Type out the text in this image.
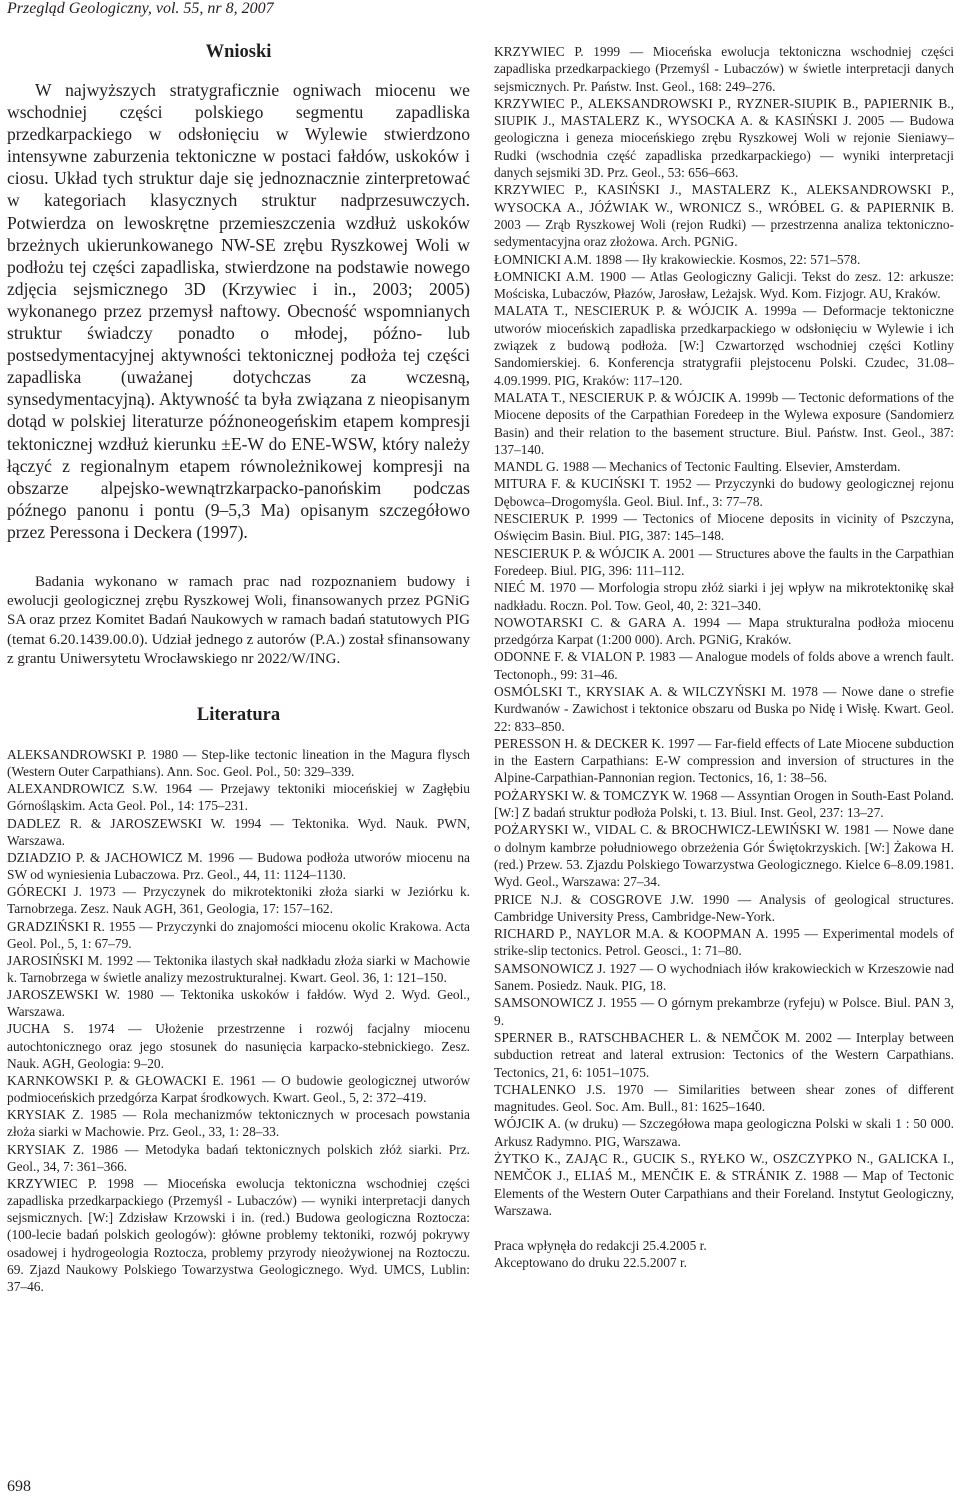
Przegląd Geologiczny, vol. 55, nr 8, 2007
Wnioski

W najwyższych stratygraficznie ogniwach miocenu we wschodniej części polskiego segmentu zapadliska przedkarpackiego w odsłonięciu w Wylewie stwierdzono intensywne zaburzenia tektoniczne w postaci fałdów, uskoków i ciosu. Układ tych struktur daje się jednoznacznie zinterpretować w kategoriach klasycznych struktur nadprzesuwczych. Potwierdza on lewoskrętne przemieszczenia wzdłuż uskoków brzeżnych ukierunkowanego NW-SE zrębu Ryszkowej Woli w podłożu tej części zapadliska, stwierdzone na podstawie nowego zdjęcia sejsmicznego 3D (Krzywiec i in., 2003; 2005) wykonanego przez przemysł naftowy. Obecność wspomnianych struktur świadczy ponadto o młodej, późno- lub postsedymentacyjnej aktywności tektonicznej podłoża tej części zapadliska (uważanej dotychczas za wczesną, synsedymentacyjną). Aktywność ta była związana z nieopisanym dotąd w polskiej literaturze późnoneogeńskim etapem kompresji tektonicznej wzdłuż kierunku ±E-W do ENE-WSW, który należy łączyć z regionalnym etapem równoleżnikowej kompresji na obszarze alpejsko-wewnątrzkarpacko-panońskim podczas późnego panonu i pontu (9–5,3 Ma) opisanym szczegółowo przez Peressona i Deckera (1997).

Badania wykonano w ramach prac nad rozpoznaniem budowy i ewolucji geologicznej zrębu Ryszkowej Woli, finansowanych przez PGNiG SA oraz przez Komitet Badań Naukowych w ramach badań statutowych PIG (temat 6.20.1439.00.0). Udział jednego z autorów (P.A.) został sfinansowany z grantu Uniwersytetu Wrocławskiego nr 2022/W/ING.

Literatura

ALEKSANDROWSKI P. 1980 — Step-like tectonic lineation in the Magura flysch (Western Outer Carpathians). Ann. Soc. Geol. Pol., 50: 329–339.

ALEXANDROWICZ S.W. 1964 — Przejawy tektoniki mioceńskiej w Zagłębiu Górnośląskim. Acta Geol. Pol., 14: 175–231.

DADLEZ R. & JAROSZEWSKI W. 1994 — Tektonika. Wyd. Nauk. PWN, Warszawa.

DZIADZIO P. & JACHOWICZ M. 1996 — Budowa podłoża utworów miocenu na SW od wyniesienia Lubaczowa. Prz. Geol., 44, 11: 1124–1130.

GÓRECKI J. 1973 — Przyczynek do mikrotektoniki złoża siarki w Jeziórku k. Tarnobrzega. Zesz. Nauk AGH, 361, Geologia, 17: 157–162.

GRADZIŃSKI R. 1955 — Przyczynki do znajomości miocenu okolic Krakowa. Acta Geol. Pol., 5, 1: 67–79.

JAROSIŃSKI M. 1992 — Tektonika ilastych skał nadkładu złoża siarki w Machowie k. Tarnobrzega w świetle analizy mezostrukturalnej. Kwart. Geol. 36, 1: 121–150.

JAROSZEWSKI W. 1980 — Tektonika uskoków i fałdów. Wyd 2. Wyd. Geol., Warszawa.

JUCHA S. 1974 — Ułożenie przestrzenne i rozwój facjalny miocenu autochtonicznego oraz jego stosunek do nasunięcia karpacko-stebnickiego. Zesz. Nauk. AGH, Geologia: 9–20.

KARNKOWSKI P. & GŁOWACKI E. 1961 — O budowie geologicznej utworów podmioceńskich przedgórza Karpat środkowych. Kwart. Geol., 5, 2: 372–419.

KRYSIAK Z. 1985 — Rola mechanizmów tektonicznych w procesach powstania złoża siarki w Machowie. Prz. Geol., 33, 1: 28–33.

KRYSIAK Z. 1986 — Metodyka badań tektonicznych polskich złóż siarki. Prz. Geol., 34, 7: 361–366.

KRZYWIEC P. 1998 — Mioceńska ewolucja tektoniczna wschodniej części zapadliska przedkarpackiego (Przemyśl - Lubaczów) — wyniki interpretacji danych sejsmicznych. [W:] Zdzisław Krzowski i in. (red.) Budowa geologiczna Roztocza: (100-lecie badań polskich geologów): główne problemy tektoniki, rozwój pokrywy osadowej i hydrogeologia Roztocza, problemy przyrody nieożywionej na Roztoczu. 69. Zjazd Naukowy Polskiego Towarzystwa Geologicznego. Wyd. UMCS, Lublin: 37–46.

KRZYWIEC P. 1999 — Mioceńska ewolucja tektoniczna wschodniej części zapadliska przedkarpackiego (Przemyśl - Lubaczów) w świetle interpretacji danych sejsmicznych. Pr. Państw. Inst. Geol., 168: 249–276.

KRZYWIEC P., ALEKSANDROWSKI P., RYZNER-SIUPIK B., PAPIERNIK B., SIUPIK J., MASTALERZ K., WYSOCKA A. & KASIŃSKI J. 2005 — Budowa geologiczna i geneza mioceńskiego zrębu Ryszkowej Woli w rejonie Sieniawy–Rudki (wschodnia część zapadliska przedkarpackiego) — wyniki interpretacji danych sejsmiki 3D. Prz. Geol., 53: 656–663.

KRZYWIEC P., KASIŃSKI J., MASTALERZ K., ALEKSANDROWSKI P., WYSOCKA A., JÓŹWIAK W., WRONICZ S., WRÓBEL G. & PAPIERNIK B. 2003 — Zrąb Ryszkowej Woli (rejon Rudki) — przestrzenna analiza tektoniczno-sedymentacyjna oraz złożowa. Arch. PGNiG.

ŁOMNICKI A.M. 1898 — Iły krakowieckie. Kosmos, 22: 571–578.

ŁOMNICKI A.M. 1900 — Atlas Geologiczny Galicji. Tekst do zesz. 12: arkusze: Mościska, Lubaczów, Płazów, Jarosław, Leżajsk. Wyd. Kom. Fizjogr. AU, Kraków.

MALATA T., NESCIERUK P. & WÓJCIK A. 1999a — Deformacje tektoniczne utworów mioceńskich zapadliska przedkarpackiego w odsłonięciu w Wylewie i ich związek z budową podłoża. [W:] Czwartorzęd wschodniej części Kotliny Sandomierskiej. 6. Konferencja stratygrafii plejstocenu Polski. Czudec, 31.08–4.09.1999. PIG, Kraków: 117–120.

MALATA T., NESCIERUK P. & WÓJCIK A. 1999b — Tectonic deformations of the Miocene deposits of the Carpathian Foredeep in the Wylewa exposure (Sandomierz Basin) and their relation to the basement structure. Biul. Państw. Inst. Geol., 387: 137–140.

MANDL G. 1988 — Mechanics of Tectonic Faulting. Elsevier, Amsterdam.

MITURA F. & KUCIŃSKI T. 1952 — Przyczynki do budowy geologicznej rejonu Dębowca–Drogomyśla. Geol. Biul. Inf., 3: 77–78.

NESCIERUK P. 1999 — Tectonics of Miocene deposits in vicinity of Pszczyna, Oświęcim Basin. Biul. PIG, 387: 145–148.

NESCIERUK P. & WÓJCIK A. 2001 — Structures above the faults in the Carpathian Foredeep. Biul. PIG, 396: 111–112.

NIEĆ M. 1970 — Morfologia stropu złóż siarki i jej wpływ na mikrotektonikę skał nadkładu. Roczn. Pol. Tow. Geol, 40, 2: 321–340.

NOWOTARSKI C. & GARA A. 1994 — Mapa strukturalna podłoża miocenu przedgórza Karpat (1:200 000). Arch. PGNiG, Kraków.

ODONNE F. & VIALON P. 1983 — Analogue models of folds above a wrench fault. Tectonoph., 99: 31–46.

OSMÓLSKI T., KRYSIAK A. & WILCZYŃSKI M. 1978 — Nowe dane o strefie Kurdwanów - Zawichost i tektonice obszaru od Buska po Nidę i Wisłę. Kwart. Geol. 22: 833–850.

PERESSON H. & DECKER K. 1997 — Far-field effects of Late Miocene subduction in the Eastern Carpathians: E-W compression and inversion of structures in the Alpine-Carpathian-Pannonian region. Tectonics, 16, 1: 38–56.

POŻARYSKI W. & TOMCZYK W. 1968 — Assyntian Orogen in South-East Poland. [W:] Z badań struktur podłoża Polski, t. 13. Biul. Inst. Geol, 237: 13–27.

POŻARYSKI W., VIDAL C. & BROCHWICZ-LEWIŃSKI W. 1981 — Nowe dane o dolnym kambrze południowego obrzeżenia Gór Świętokrzyskich. [W:] Żakowa H. (red.) Przew. 53. Zjazdu Polskiego Towarzystwa Geologicznego. Kielce 6–8.09.1981. Wyd. Geol., Warszawa: 27–34.

PRICE N.J. & COSGROVE J.W. 1990 — Analysis of geological structures. Cambridge University Press, Cambridge-New-York.

RICHARD P., NAYLOR M.A. & KOOPMAN A. 1995 — Experimental models of strike-slip tectonics. Petrol. Geosci., 1: 71–80.

SAMSONOWICZ J. 1927 — O wychodniach iłów krakowieckich w Krzeszowie nad Sanem. Posiedz. Nauk. PIG, 18.

SAMSONOWICZ J. 1955 — O górnym prekambrze (ryfeju) w Polsce. Biul. PAN 3, 9.

SPERNER B., RATSCHBACHER L. & NEMČOK M. 2002 — Interplay between subduction retreat and lateral extrusion: Tectonics of the Western Carpathians. Tectonics, 21, 6: 1051–1075.

TCHALENKO J.S. 1970 — Similarities between shear zones of different magnitudes. Geol. Soc. Am. Bull., 81: 1625–1640.

WÓJCIK A. (w druku) — Szczegółowa mapa geologiczna Polski w skali 1 : 50 000. Arkusz Radymno. PIG, Warszawa.

ŻYTKO K., ZAJĄC R., GUCIK S., RYŁKO W., OSZCZYPKO N., GALICKA I., NEMČOK J., ELIAŚ M., MENČIK E. & STRÁNIK Z. 1988 — Map of Tectonic Elements of the Western Outer Carpathians and their Foreland. Instytut Geologiczny, Warszawa.

Praca wpłynęła do redakcji 25.4.2005 r.
Akceptowano do druku 22.5.2007 r.
698
